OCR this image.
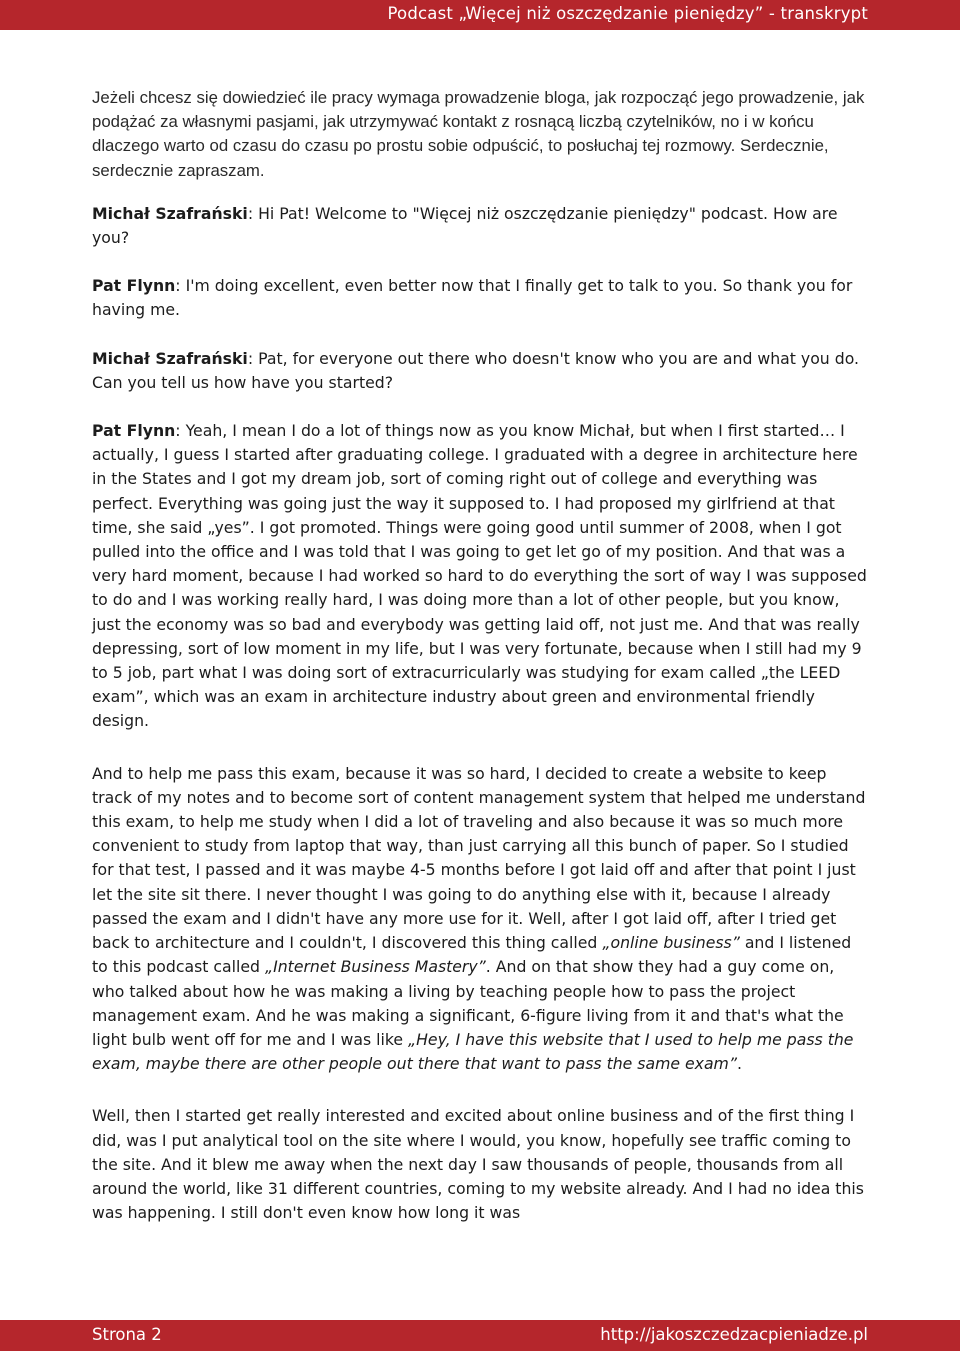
Podcast „Więcej niż oszczędzanie pieniędzy” - transkrypt

Jeżeli chcesz się dowiedzieć ile pracy wymaga prowadzenie bloga, jak rozpocząć jego prowadzenie, jak podążać za własnymi pasjami, jak utrzymywać kontakt z rosnącą liczbą czytelników, no i w końcu dlaczego warto od czasu do czasu po prostu sobie odpuścić, to posłuchaj tej rozmowy. Serdecznie, serdecznie zapraszam.

Michał Szafrański: Hi Pat! Welcome to "Więcej niż oszczędzanie pieniędzy" podcast. How are you?

Pat Flynn: I'm doing excellent, even better now that I finally get to talk to you. So thank you for having me.

Michał Szafrański: Pat, for everyone out there who doesn't know who you are and what you do. Can you tell us how have you started?

Pat Flynn: Yeah, I mean I do a lot of things now as you know Michał, but when I first started… I actually, I guess I started after graduating college. I graduated with a degree in architecture here in the States and I got my dream job, sort of coming right out of college and everything was perfect. Everything was going just the way it supposed to. I had proposed my girlfriend at that time, she said „yes”. I got promoted. Things were going good until summer of 2008, when I got pulled into the office and I was told that I was going to get let go of my position. And that was a very hard moment, because I had worked so hard to do everything the sort of way I was supposed to do and I was working really hard, I was doing more than a lot of other people, but you know, just the economy was so bad and everybody was getting laid off, not just me. And that was really depressing, sort of low moment in my life, but I was very fortunate, because when I still had my 9 to 5 job, part what I was doing sort of extracurricularly was studying for exam called „the LEED exam”, which was an exam in architecture industry about green and environmental friendly design.

And to help me pass this exam, because it was so hard, I decided to create a website to keep track of my notes and to become sort of content management system that helped me understand this exam, to help me study when I did a lot of traveling and also because it was so much more convenient to study from laptop that way, than just carrying all this bunch of paper. So I studied for that test, I passed and it was maybe 4-5 months before I got laid off and after that point I just let the site sit there. I never thought I was going to do anything else with it, because I already passed the exam and I didn't have any more use for it. Well, after I got laid off, after I tried get back to architecture and I couldn't, I discovered this thing called „online business” and I listened to this podcast called „Internet Business Mastery”. And on that show they had a guy come on, who talked about how he was making a living by teaching people how to pass the project management exam. And he was making a significant, 6-figure living from it and that's what the light bulb went off for me and I was like „Hey, I have this website that I used to help me pass the exam, maybe there are other people out there that want to pass the same exam”.

Well, then I started get really interested and excited about online business and of the first thing I did, was I put analytical tool on the site where I would, you know, hopefully see traffic coming to the site. And it blew me away when the next day I saw thousands of people, thousands from all around the world, like 31 different countries, coming to my website already. And I had no idea this was happening. I still don't even know how long it was

Strona 2	http://jakoszczedzacpieniadze.pl
